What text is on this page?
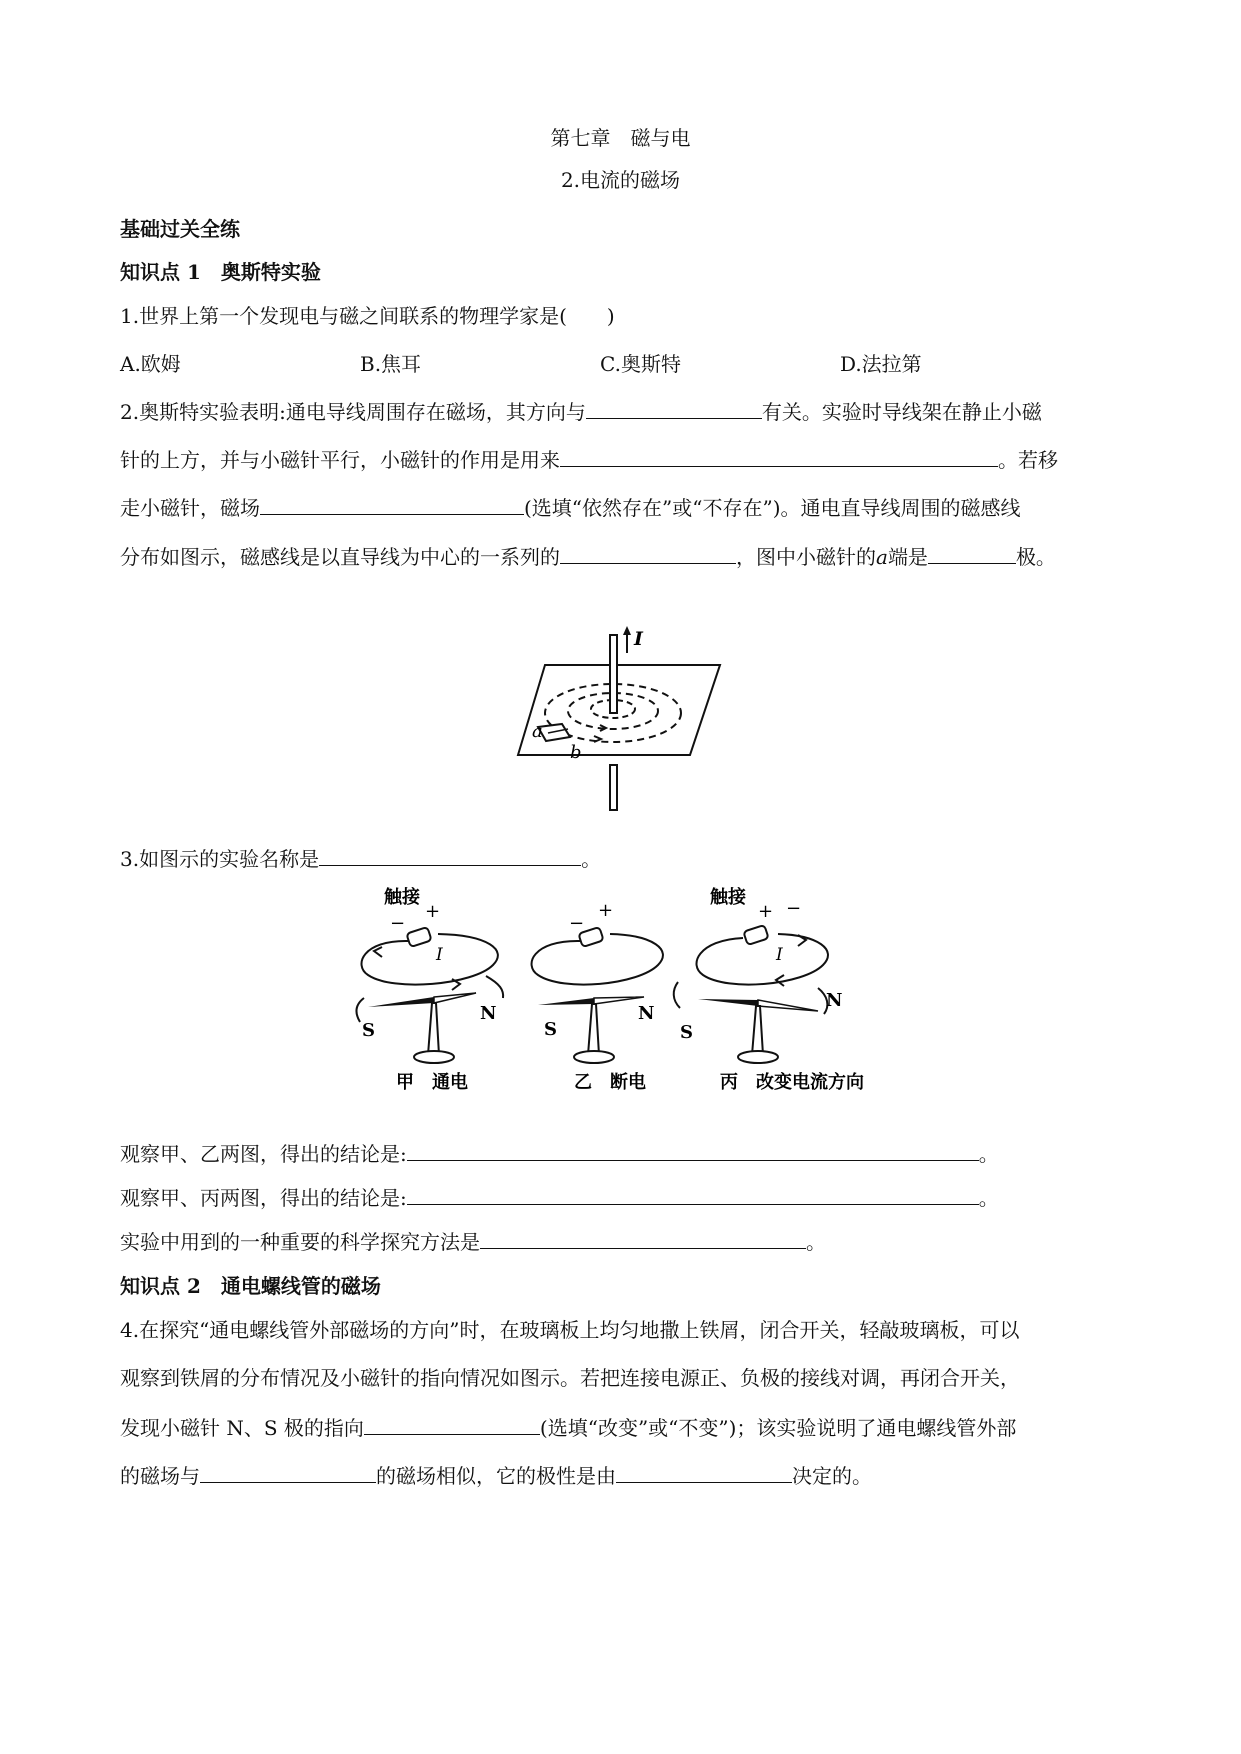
第七章　磁与电
2.电流的磁场
基础过关全练
知识点 1　奥斯特实验
1.世界上第一个发现电与磁之间联系的物理学家是(　　)
A.欧姆	B.焦耳	C.奥斯特	D.法拉第
2.奥斯特实验表明:通电导线周围存在磁场，其方向与	有关。实验时导线架在静止小磁
针的上方，并与小磁针平行，小磁针的作用是用来	。若移
走小磁针，磁场	(选填“依然存在”或“不存在”)。通电直导线周围的磁感线
分布如图示，磁感线是以直导线为中心的一系列的	，图中小磁针的a端是	极。
I
a
b
3.如图示的实验名称是	。
触接
−
+
I
S
N
甲　通电
−
+
S
N
乙　断电
触接
+ −
I
S
N
丙　改变电流方向
观察甲、乙两图，得出的结论是:	。
观察甲、丙两图，得出的结论是:	。
实验中用到的一种重要的科学探究方法是	。
知识点 2　通电螺线管的磁场
4.在探究“通电螺线管外部磁场的方向”时，在玻璃板上均匀地撒上铁屑，闭合开关，轻敲玻璃板，可以
观察到铁屑的分布情况及小磁针的指向情况如图示。若把连接电源正、负极的接线对调，再闭合开关，
发现小磁针 N、S 极的指向	(选填“改变”或“不变”)；该实验说明了通电螺线管外部
的磁场与	的磁场相似，它的极性是由	决定的。
